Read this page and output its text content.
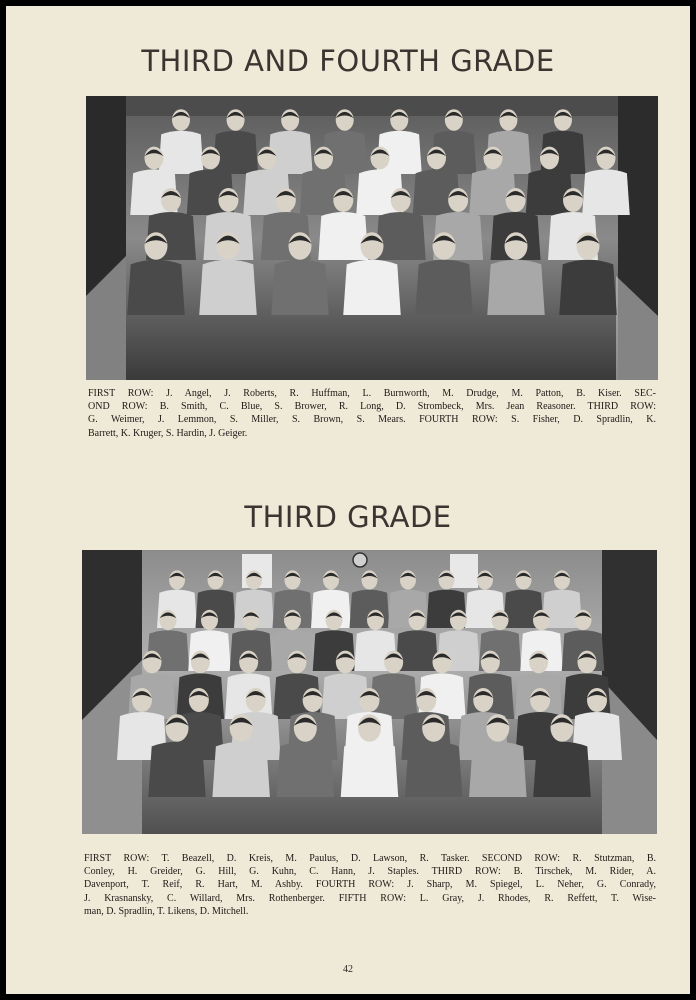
THIRD AND FOURTH GRADE
FIRST ROW: J. Angel, J. Roberts, R. Huffman, L. Burnworth, M. Drudge, M. Patton, B. Kiser. SEC-
OND ROW: B. Smith, C. Blue, S. Brower, R. Long, D. Strombeck, Mrs. Jean Reasoner. THIRD ROW:
G. Weimer, J. Lemmon, S. Miller, S. Brown, S. Mears. FOURTH ROW: S. Fisher, D. Spradlin, K.
Barrett, K. Kruger, S. Hardin, J. Geiger.
THIRD GRADE
FIRST ROW: T. Beazell, D. Kreis, M. Paulus, D. Lawson, R. Tasker. SECOND ROW: R. Stutzman, B.
Conley, H. Greider, G. Hill, G. Kuhn, C. Hann, J. Staples. THIRD ROW: B. Tirschek, M. Rider, A.
Davenport, T. Reif, R. Hart, M. Ashby. FOURTH ROW: J. Sharp, M. Spiegel, L. Neher, G. Conrady,
J. Krasnansky, C. Willard, Mrs. Rothenberger. FIFTH ROW: L. Gray, J. Rhodes, R. Reffett, T. Wise-
man, D. Spradlin, T. Likens, D. Mitchell.
42
